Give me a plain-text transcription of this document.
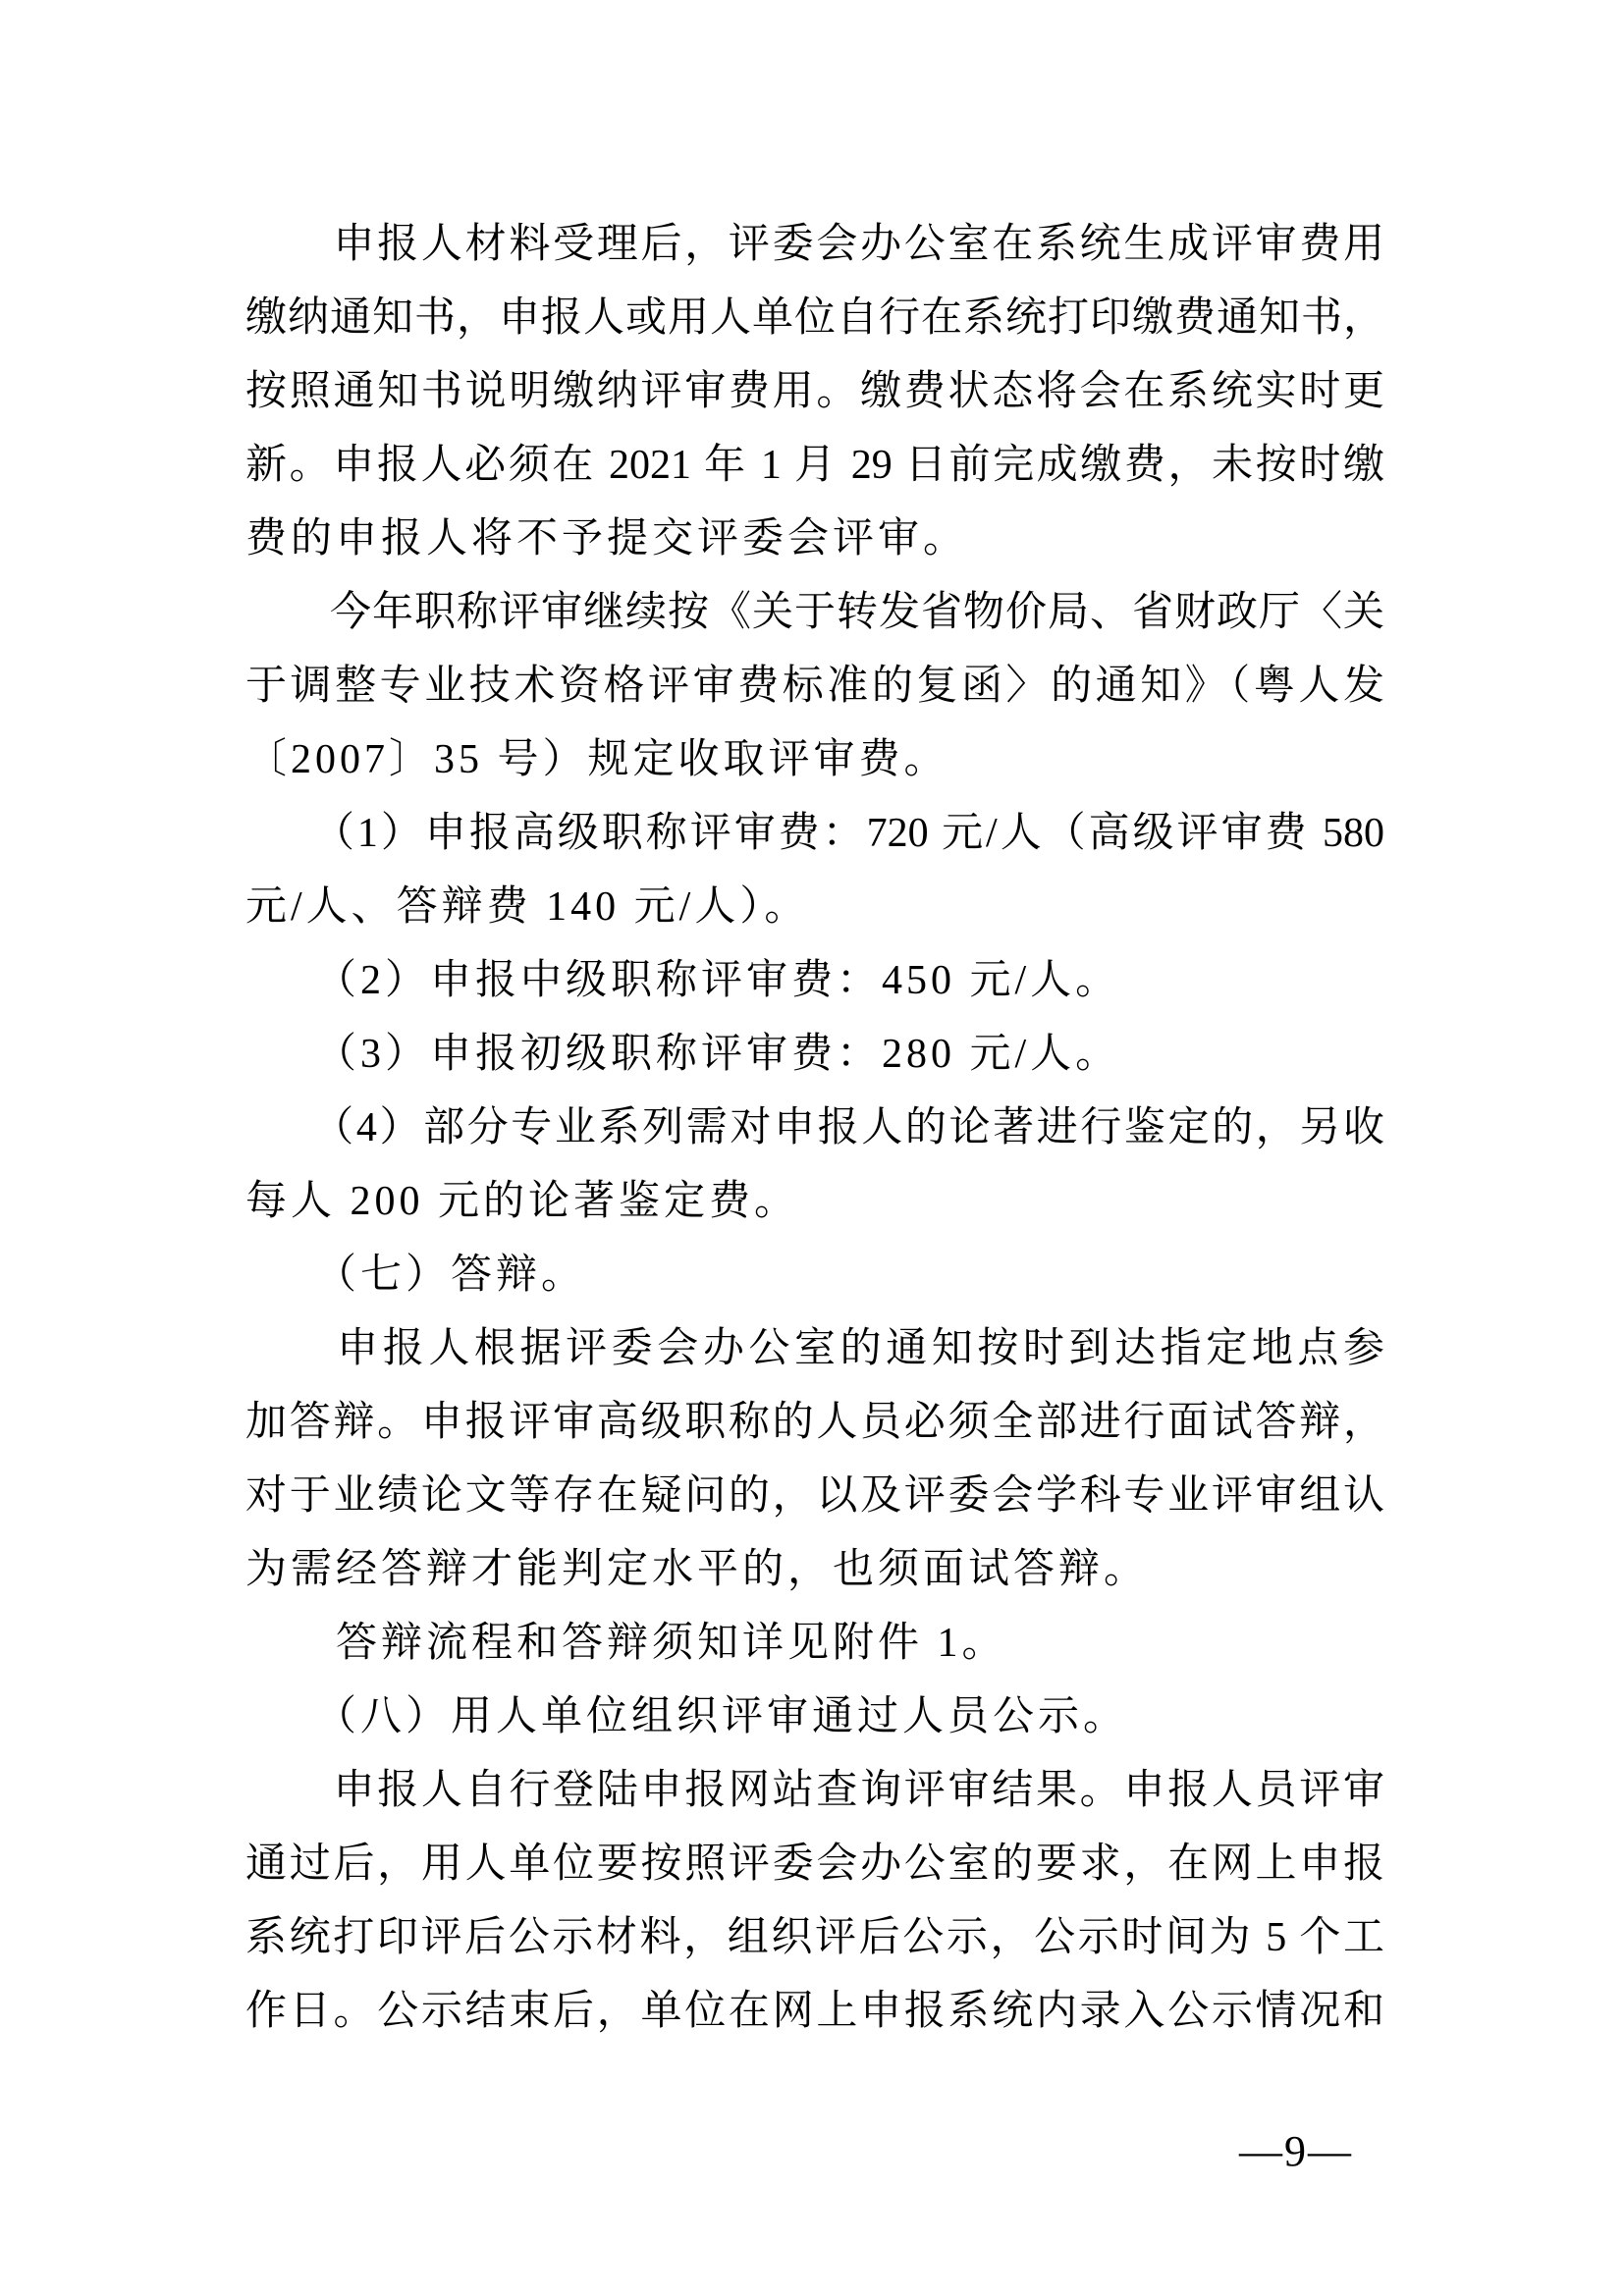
　　申报人材料受理后，评委会办公室在系统生成评审费用
缴纳通知书，申报人或用人单位自行在系统打印缴费通知书，
按照通知书说明缴纳评审费用。缴费状态将会在系统实时更
新。申报人必须在 2021 年 1 月 29 日前完成缴费，未按时缴
费的申报人将不予提交评委会评审。
　　今年职称评审继续按《关于转发省物价局、省财政厅〈关
于调整专业技术资格评审费标准的复函〉的通知》（粤人发
〔2007〕35 号）规定收取评审费。
　　（1）申报高级职称评审费：720 元/人（高级评审费 580
元/人、答辩费 140 元/人）。
　　（2）申报中级职称评审费：450 元/人。
　　（3）申报初级职称评审费：280 元/人。
　　（4）部分专业系列需对申报人的论著进行鉴定的，另收
每人 200 元的论著鉴定费。
　　（七）答辩。
　　申报人根据评委会办公室的通知按时到达指定地点参
加答辩。申报评审高级职称的人员必须全部进行面试答辩，
对于业绩论文等存在疑问的，以及评委会学科专业评审组认
为需经答辩才能判定水平的，也须面试答辩。
　　答辩流程和答辩须知详见附件 1。
　　（八）用人单位组织评审通过人员公示。
　　申报人自行登陆申报网站查询评审结果。申报人员评审
通过后，用人单位要按照评委会办公室的要求，在网上申报
系统打印评后公示材料，组织评后公示，公示时间为 5 个工
作日。公示结束后，单位在网上申报系统内录入公示情况和
—9—
